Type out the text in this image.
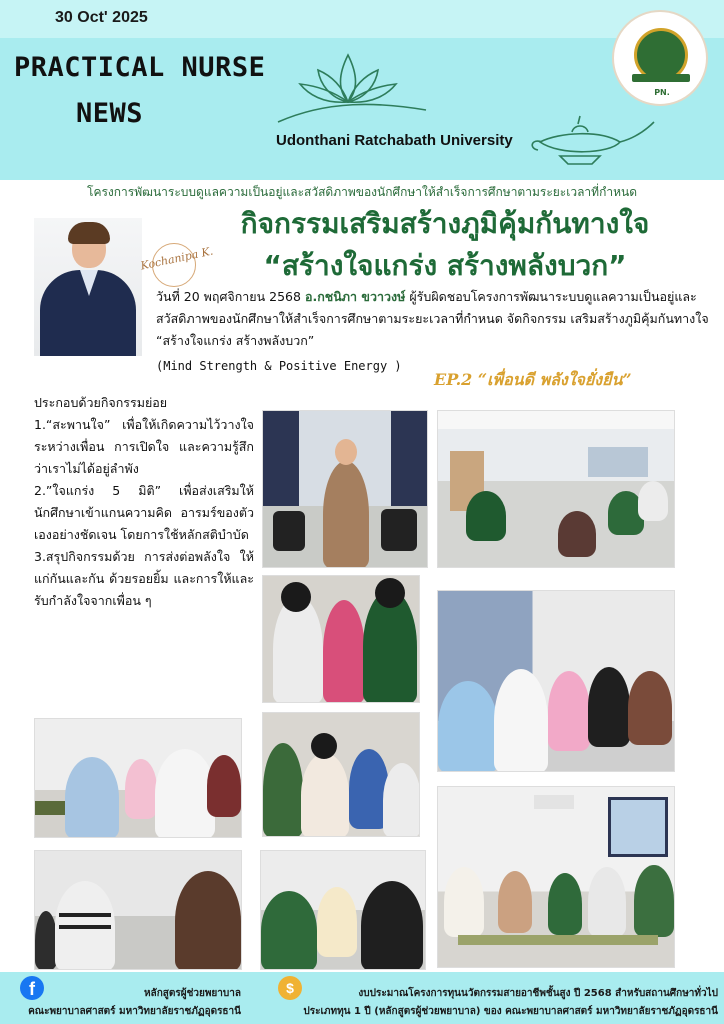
30 Oct' 2025
PRACTICAL NURSE
NEWS
Udonthani Ratchabath University
PN.
โครงการพัฒนาระบบดูแลความเป็นอยู่และสวัสดิภาพของนักศึกษาให้สำเร็จการศึกษาตามระยะเวลาที่กำหนด
กิจกรรมเสริมสร้างภูมิคุ้มกันทางใจ
“สร้างใจแกร่ง สร้างพลังบวก”
Kochanipa K.
วันที่ 20 พฤศจิกายน 2568 อ.กชนิภา ขวาวงษ์ ผู้รับผิดชอบโครงการพัฒนาระบบดูแลความเป็นอยู่และสวัสดิภาพของนักศึกษาให้สำเร็จการศึกษาตามระยะเวลาที่กำหนด จัดกิจกรรม เสริมสร้างภูมิคุ้มกันทางใจ “สร้างใจแกร่ง สร้างพลังบวก”
(Mind Strength & Positive Energy )
EP.2 “เพื่อนดี พลังใจยั่งยืน”

ประกอบด้วยกิจกรรมย่อย

1.“สะพานใจ” เพื่อให้เกิดความไว้วางใจระหว่างเพื่อน การเปิดใจ และความรู้สึกว่าเราไม่ได้อยู่ลำพัง

2.”ใจแกร่ง 5 มิติ” เพื่อส่งเสริมให้นักศึกษาเข้าแกนความคิด อารมร์ของตัวเองอย่างชัดเจน โดยการใช้หลักสติบำบัด

3.สรุปกิจกรรมด้วย การส่งต่อพลังใจ ให้แก่กันและกัน ด้วยรอยยิ้ม และการให้และรับกำลังใจจากเพื่อน ๆ

f	หลักสูตรผู้ช่วยพยาบาล
คณะพยาบาลศาสตร์ มหาวิทยาลัยราชภัฏอุดรธานี
$	งบประมาณโครงการทุนนวัตกรรมสายอาชีพชั้นสูง ปี 2568 สำหรับสถานศึกษาทั่วไป
ประเภททุน 1 ปี (หลักสูตรผู้ช่วยพยาบาล) ของ คณะพยาบาลศาสตร์ มหาวิทยาลัยราชภัฏอุดรธานี
